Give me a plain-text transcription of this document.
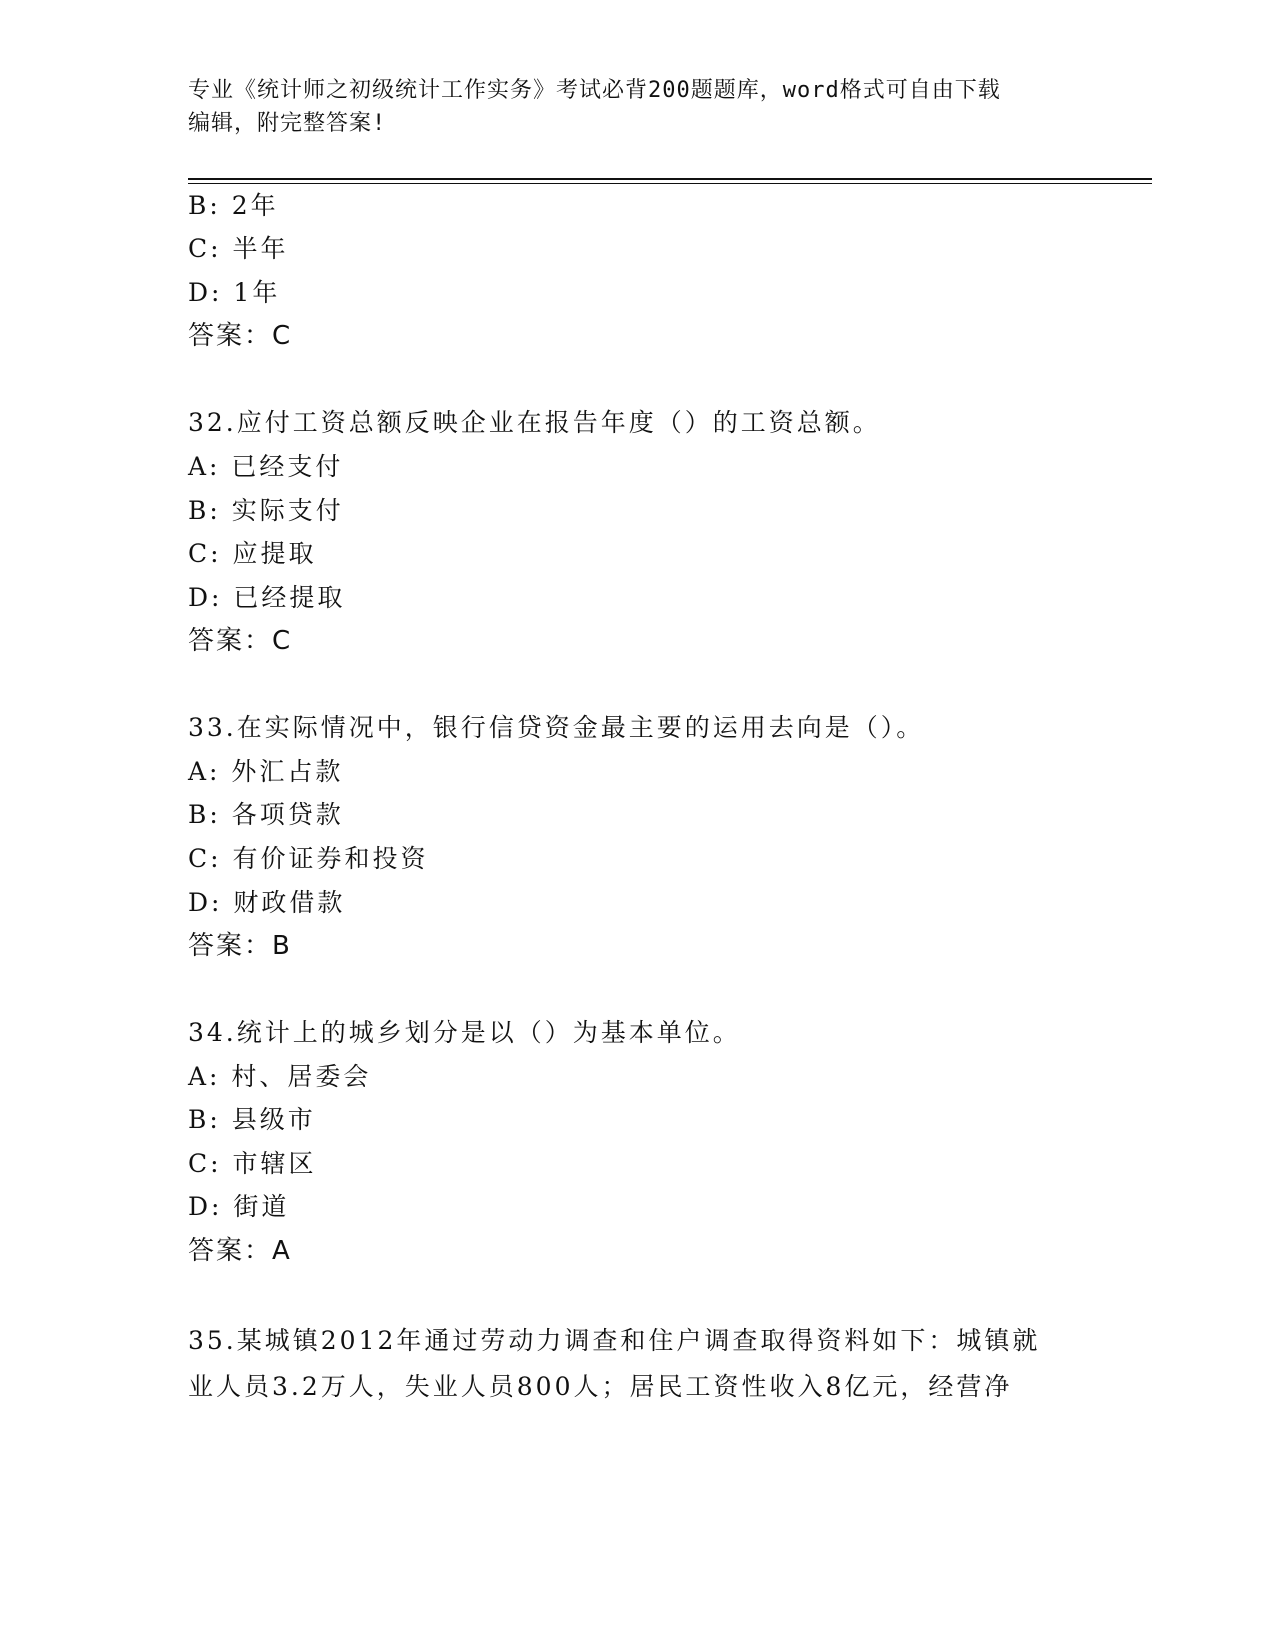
专业《统计师之初级统计工作实务》考试必背200题题库，word格式可自由下载
编辑，附完整答案!
B: 2年
C: 半年
D: 1年
答案：C
32.应付工资总额反映企业在报告年度（）的工资总额。
A: 已经支付
B: 实际支付
C: 应提取
D: 已经提取
答案：C
33.在实际情况中，银行信贷资金最主要的运用去向是（）。
A: 外汇占款
B: 各项贷款
C: 有价证券和投资
D: 财政借款
答案：B
34.统计上的城乡划分是以（）为基本单位。
A: 村、居委会
B: 县级市
C: 市辖区
D: 街道
答案：A
35.某城镇2012年通过劳动力调查和住户调查取得资料如下：城镇就
业人员3.2万人，失业人员800人；居民工资性收入8亿元，经营净
